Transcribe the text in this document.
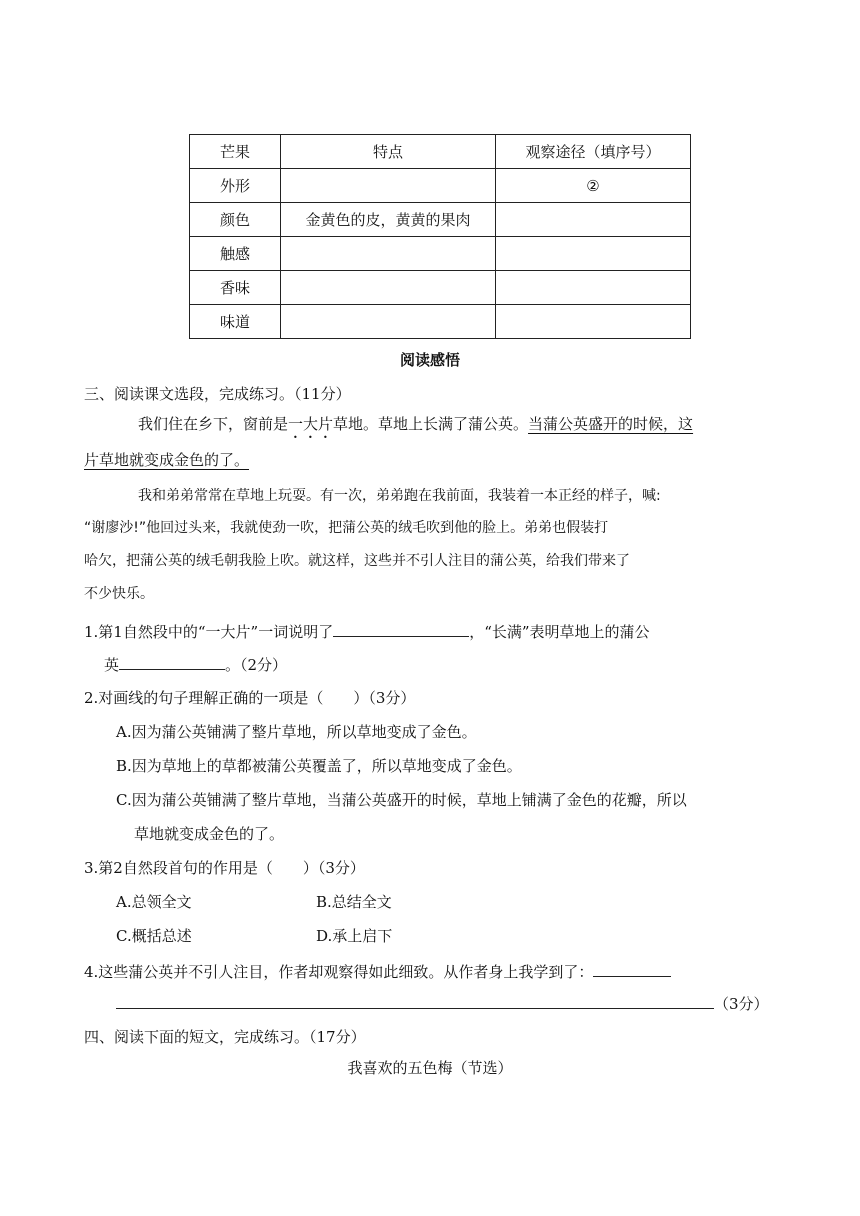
芒果	特点	观察途径（填序号）
外形		②
颜色	金黄色的皮，黄黄的果肉	
触感		
香味		
味道		
阅读感悟
三、阅读课文选段，完成练习。（11分）
我们住在乡下，窗前是一大片草地。草地上长满了蒲公英。当蒲公英盛开的时候，这
片草地就变成金色的了。
我和弟弟常常在草地上玩耍。有一次，弟弟跑在我前面，我装着一本正经的样子，喊:
“谢廖沙!”他回过头来，我就使劲一吹，把蒲公英的绒毛吹到他的脸上。弟弟也假装打
哈欠，把蒲公英的绒毛朝我脸上吹。就这样，这些并不引人注目的蒲公英，给我们带来了
不少快乐。
1.第1自然段中的“一大片”一词说明了	，“长满”表明草地上的蒲公
英	。（2分）
2.对画线的句子理解正确的一项是（　　）（3分）
A.因为蒲公英铺满了整片草地，所以草地变成了金色。
B.因为草地上的草都被蒲公英覆盖了，所以草地变成了金色。
C.因为蒲公英铺满了整片草地，当蒲公英盛开的时候，草地上铺满了金色的花瓣，所以
草地就变成金色的了。
3.第2自然段首句的作用是（　　）（3分）
A.总领全文	B.总结全文
C.概括总述	D.承上启下
4.这些蒲公英并不引人注目，作者却观察得如此细致。从作者身上我学到了：
（3分）
四、阅读下面的短文，完成练习。（17分）
我喜欢的五色梅（节选）
